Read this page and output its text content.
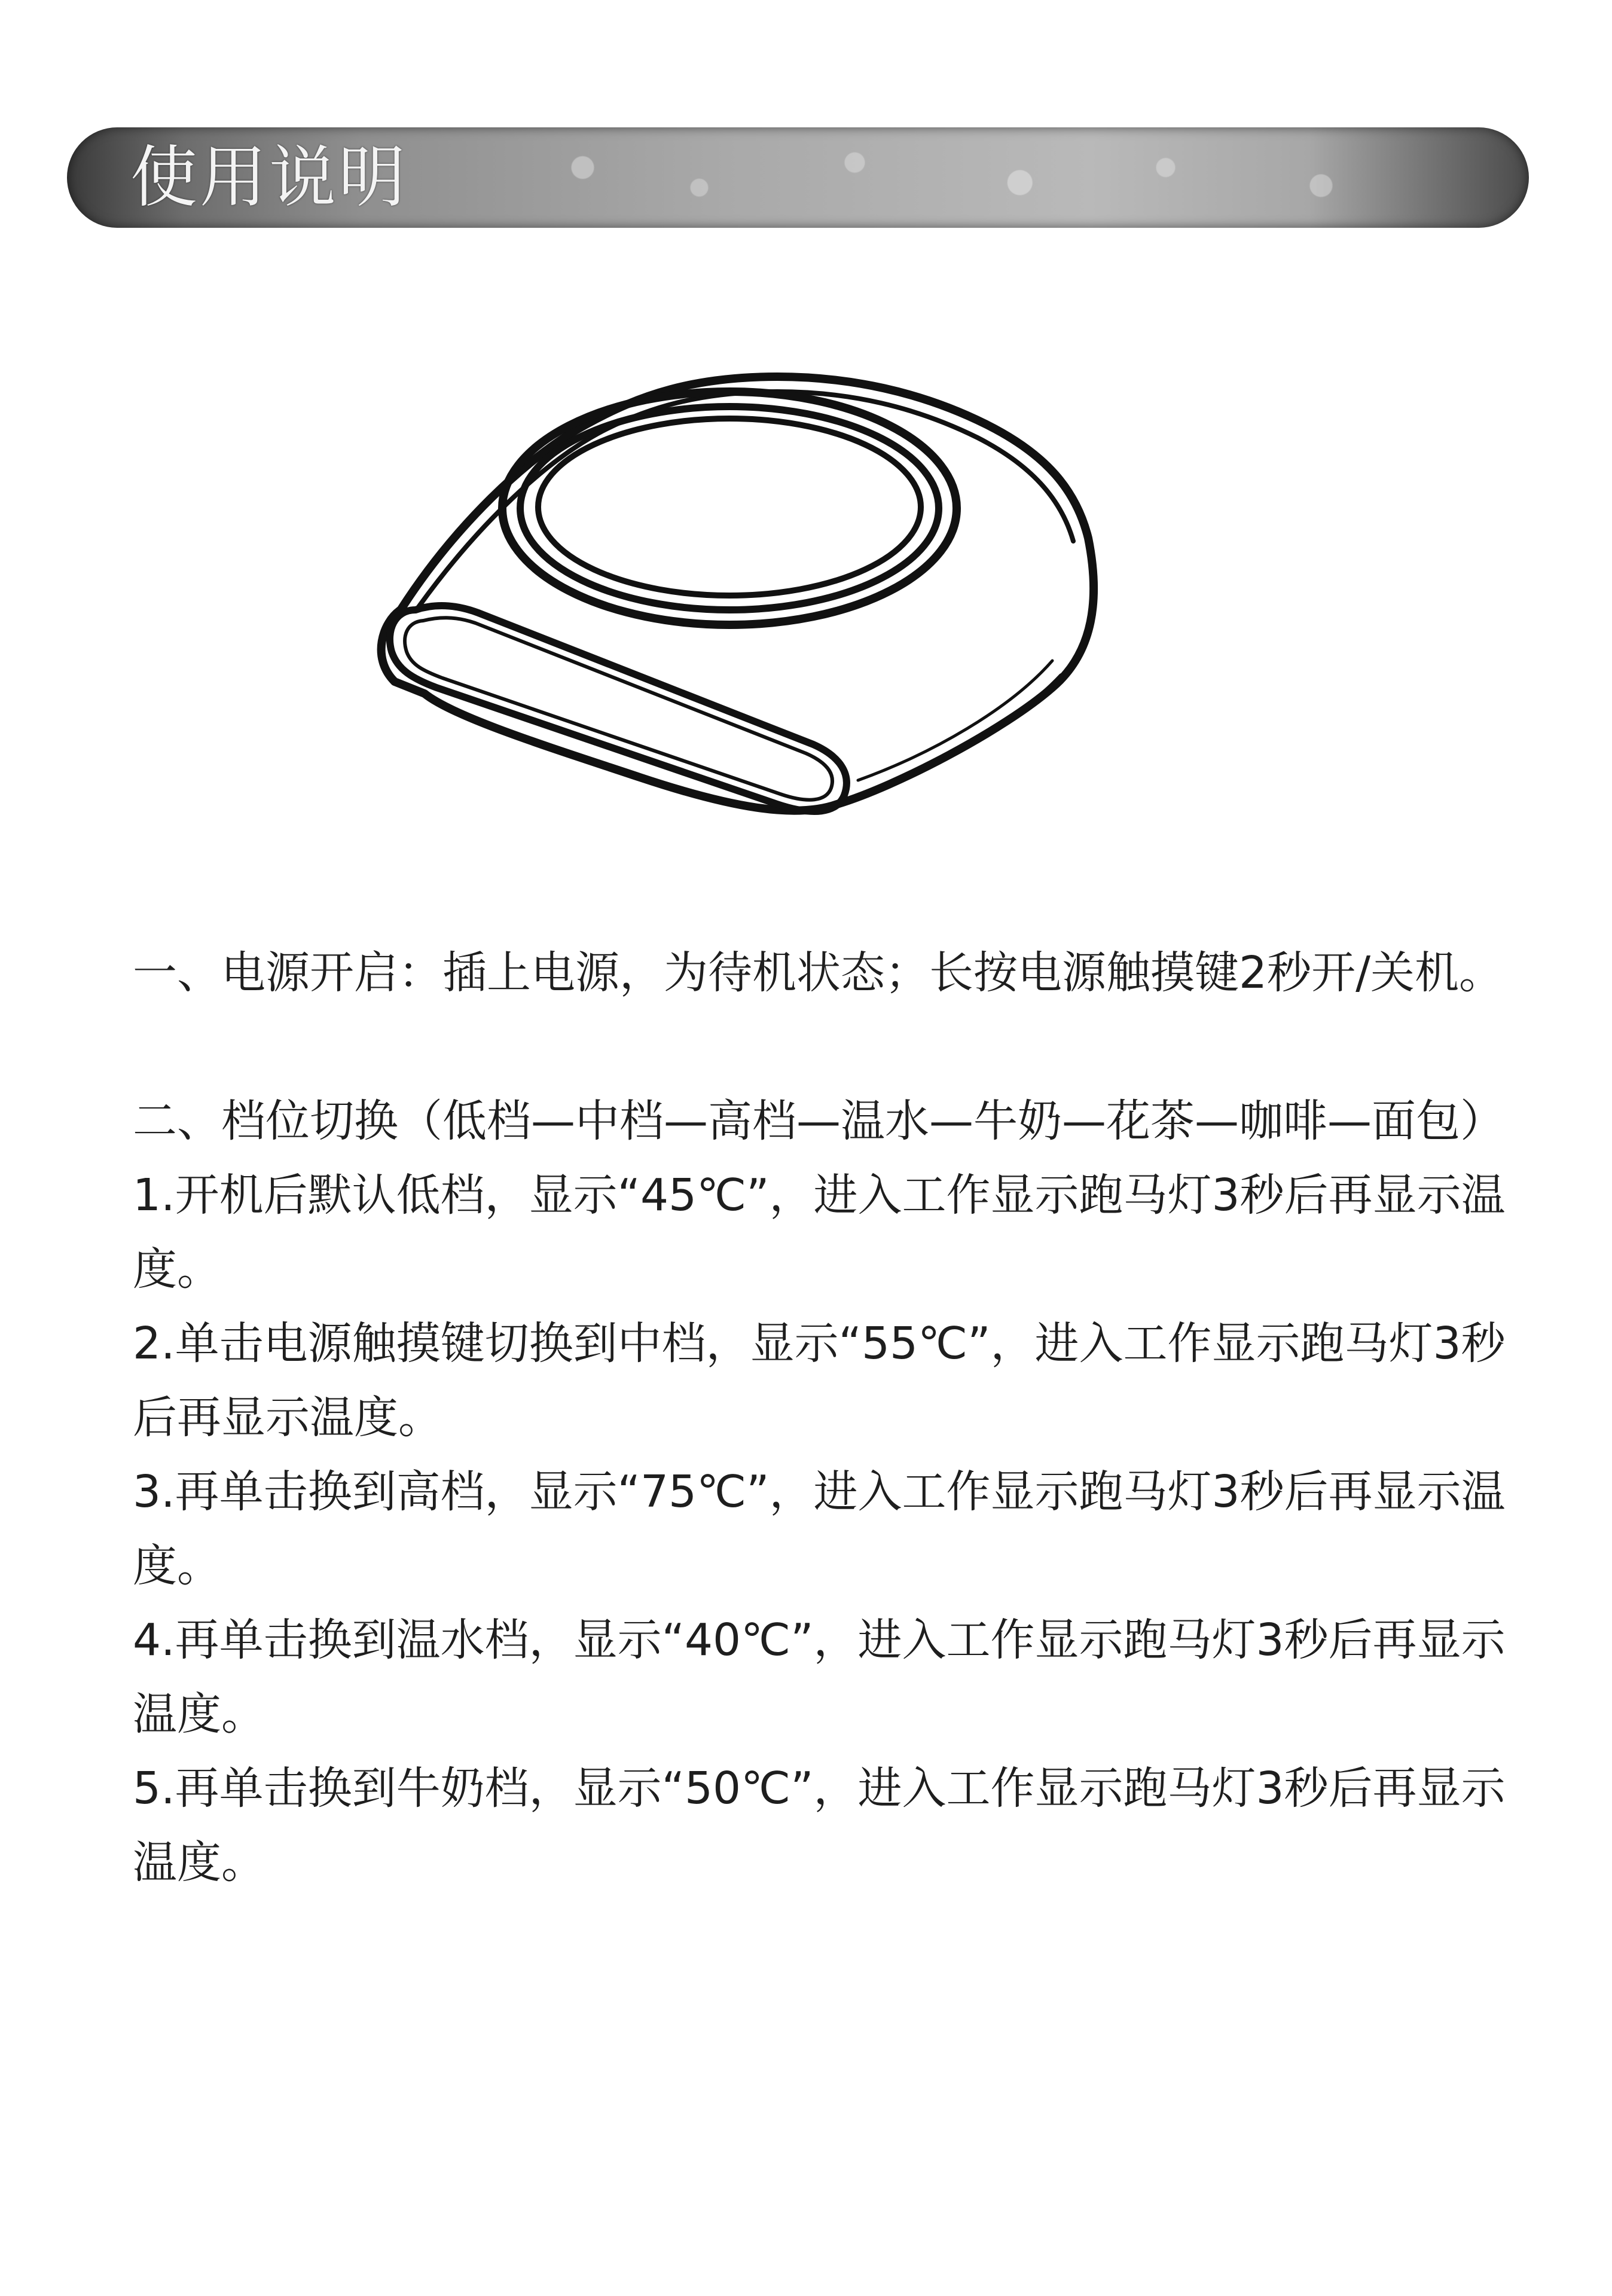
使用说明

一、电源开启：插上电源，为待机状态；长按电源触摸键2秒开/关机。

二、档位切换（低档—中档—高档—温水—牛奶—花茶—咖啡—面包）

1.开机后默认低档，显示“45℃”，进入工作显示跑马灯3秒后再显示温度。

2.单击电源触摸键切换到中档，显示“55℃”，进入工作显示跑马灯3秒后再显示温度。

3.再单击换到高档，显示“75℃”，进入工作显示跑马灯3秒后再显示温度。

4.再单击换到温水档，显示“40℃”，进入工作显示跑马灯3秒后再显示温度。

5.再单击换到牛奶档，显示“50℃”，进入工作显示跑马灯3秒后再显示温度。
